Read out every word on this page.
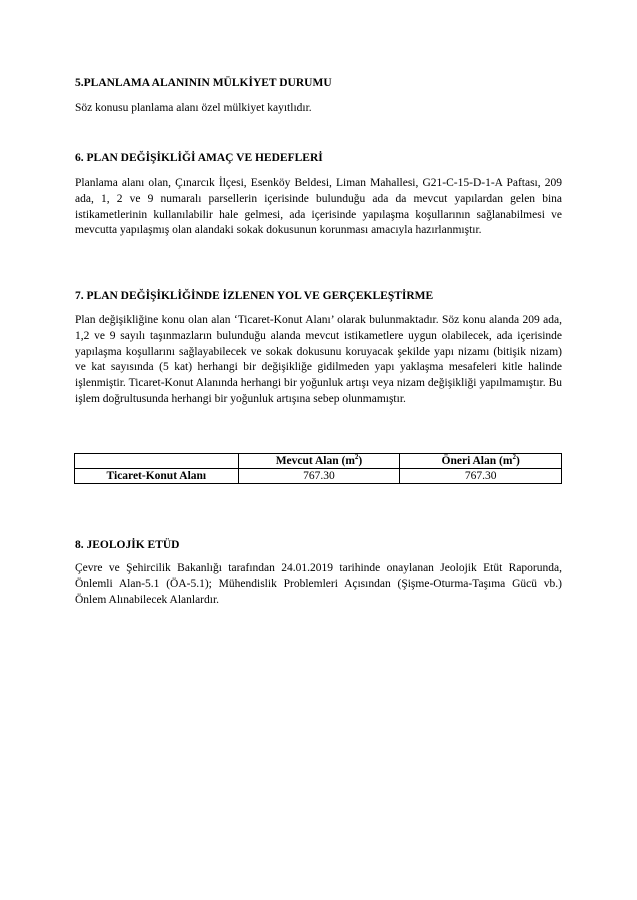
5.PLANLAMA ALANININ MÜLKİYET DURUMU

Söz konusu planlama alanı özel mülkiyet kayıtlıdır.

6. PLAN DEĞİŞİKLİĞİ AMAÇ VE HEDEFLERİ

Planlama alanı olan, Çınarcık İlçesi, Esenköy Beldesi, Liman Mahallesi, G21-C-15-D-1-A Paftası, 209 ada, 1, 2 ve 9 numaralı parsellerin içerisinde bulunduğu ada da mevcut yapılardan gelen bina istikametlerinin kullanılabilir hale gelmesi, ada içerisinde yapılaşma koşullarının sağlanabilmesi ve mevcutta yapılaşmış olan alandaki sokak dokusunun korunması amacıyla hazırlanmıştır.

7. PLAN DEĞİŞİKLİĞİNDE İZLENEN YOL VE GERÇEKLEŞTİRME

Plan değişikliğine konu olan alan ‘Ticaret-Konut Alanı’ olarak bulunmaktadır. Söz konu alanda 209 ada, 1,2 ve 9 sayılı taşınmazların bulunduğu alanda mevcut istikametlere uygun olabilecek, ada içerisinde yapılaşma koşullarını sağlayabilecek ve sokak dokusunu koruyacak şekilde yapı nizamı (bitişik nizam) ve kat sayısında (5 kat) herhangi bir değişikliğe gidilmeden yapı yaklaşma mesafeleri kitle halinde işlenmiştir. Ticaret-Konut Alanında herhangi bir yoğunluk artışı veya nizam değişikliği yapılmamıştır. Bu işlem doğrultusunda herhangi bir yoğunluk artışına sebep olunmamıştır.

	Mevcut Alan $(m^2)$	Öneri Alan $(m^2)$
Ticaret-Konut Alanı	767.30	767.30
8. JEOLOJİK ETÜD

Çevre ve Şehircilik Bakanlığı tarafından 24.01.2019 tarihinde onaylanan Jeolojik Etüt Raporunda, Önlemli Alan-5.1 (ÖA-5.1); Mühendislik Problemleri Açısından (Şişme-Oturma-Taşıma Gücü vb.) Önlem Alınabilecek Alanlardır.
